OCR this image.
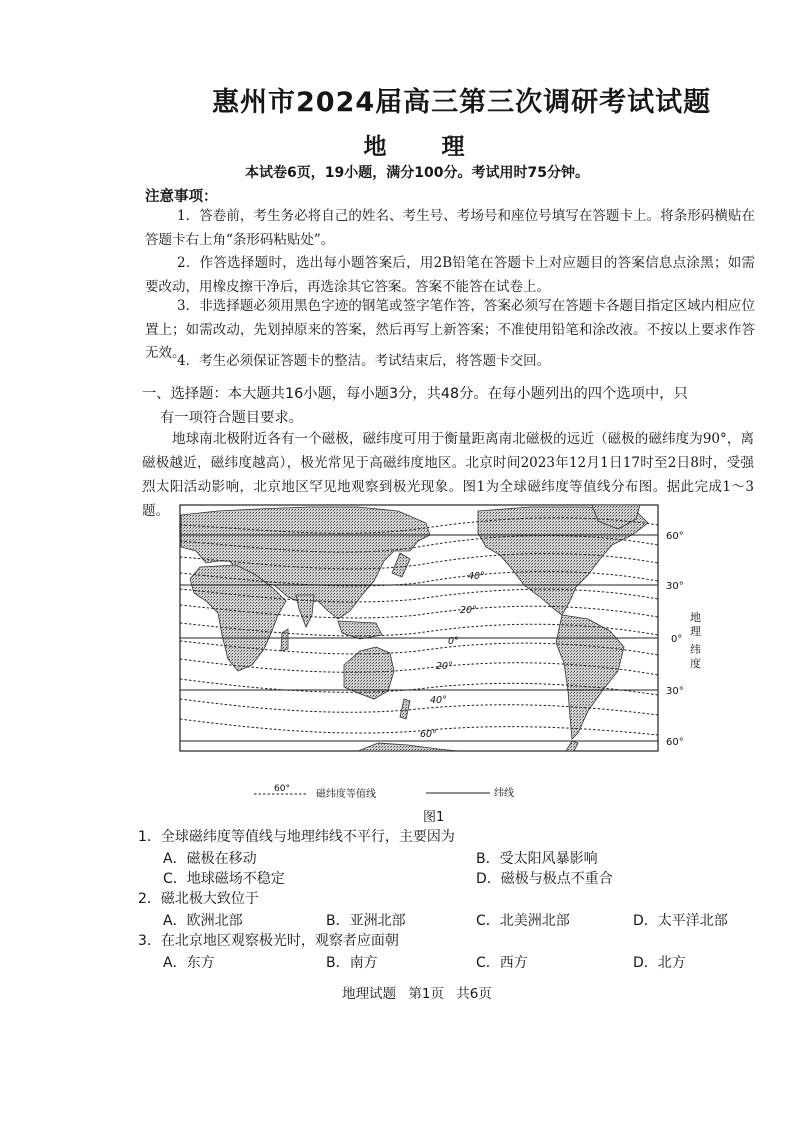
惠州市2024届高三第三次调研考试试题
地　理
本试卷6页，19小题，满分100分。考试用时75分钟。
注意事项：
1．答卷前，考生务必将自己的姓名、考生号、考场号和座位号填写在答题卡上。将条形码横贴在答题卡右上角“条形码粘贴处”。
2．作答选择题时，选出每小题答案后，用2B铅笔在答题卡上对应题目的答案信息点涂黑；如需要改动，用橡皮擦干净后，再选涂其它答案。答案不能答在试卷上。
3．非选择题必须用黑色字迹的钢笔或签字笔作答，答案必须写在答题卡各题目指定区域内相应位置上；如需改动，先划掉原来的答案，然后再写上新答案；不准使用铅笔和涂改液。不按以上要求作答无效。
4．考生必须保证答题卡的整洁。考试结束后，将答题卡交回。
一、选择题：本大题共16小题，每小题3分，共48分。在每小题列出的四个选项中，只
有一项符合题目要求。
地球南北极附近各有一个磁极，磁纬度可用于衡量距离南北磁极的远近（磁极的磁纬度为90°，离磁极越近，磁纬度越高），极光常见于高磁纬度地区。北京时间2023年12月1日17时至2日8时，受强烈太阳活动影响，北京地区罕见地观察到极光现象。图1为全球磁纬度等值线分布图。据此完成1～3题。
40°
20°
0°
20°
40°
60°
60°
30°
0°
30°
60°
地
理
纬
度
60°	磁纬度等值线	纬线
图1
1．全球磁纬度等值线与地理纬线不平行，主要因为
A．磁极在移动	B．受太阳风暴影响
C．地球磁场不稳定	D．磁极与极点不重合
2．磁北极大致位于
A．欧洲北部	B．亚洲北部	C．北美洲北部	D．太平洋北部
3．在北京地区观察极光时，观察者应面朝
A．东方	B．南方	C．西方	D．北方
地理试题 第1页 共6页
